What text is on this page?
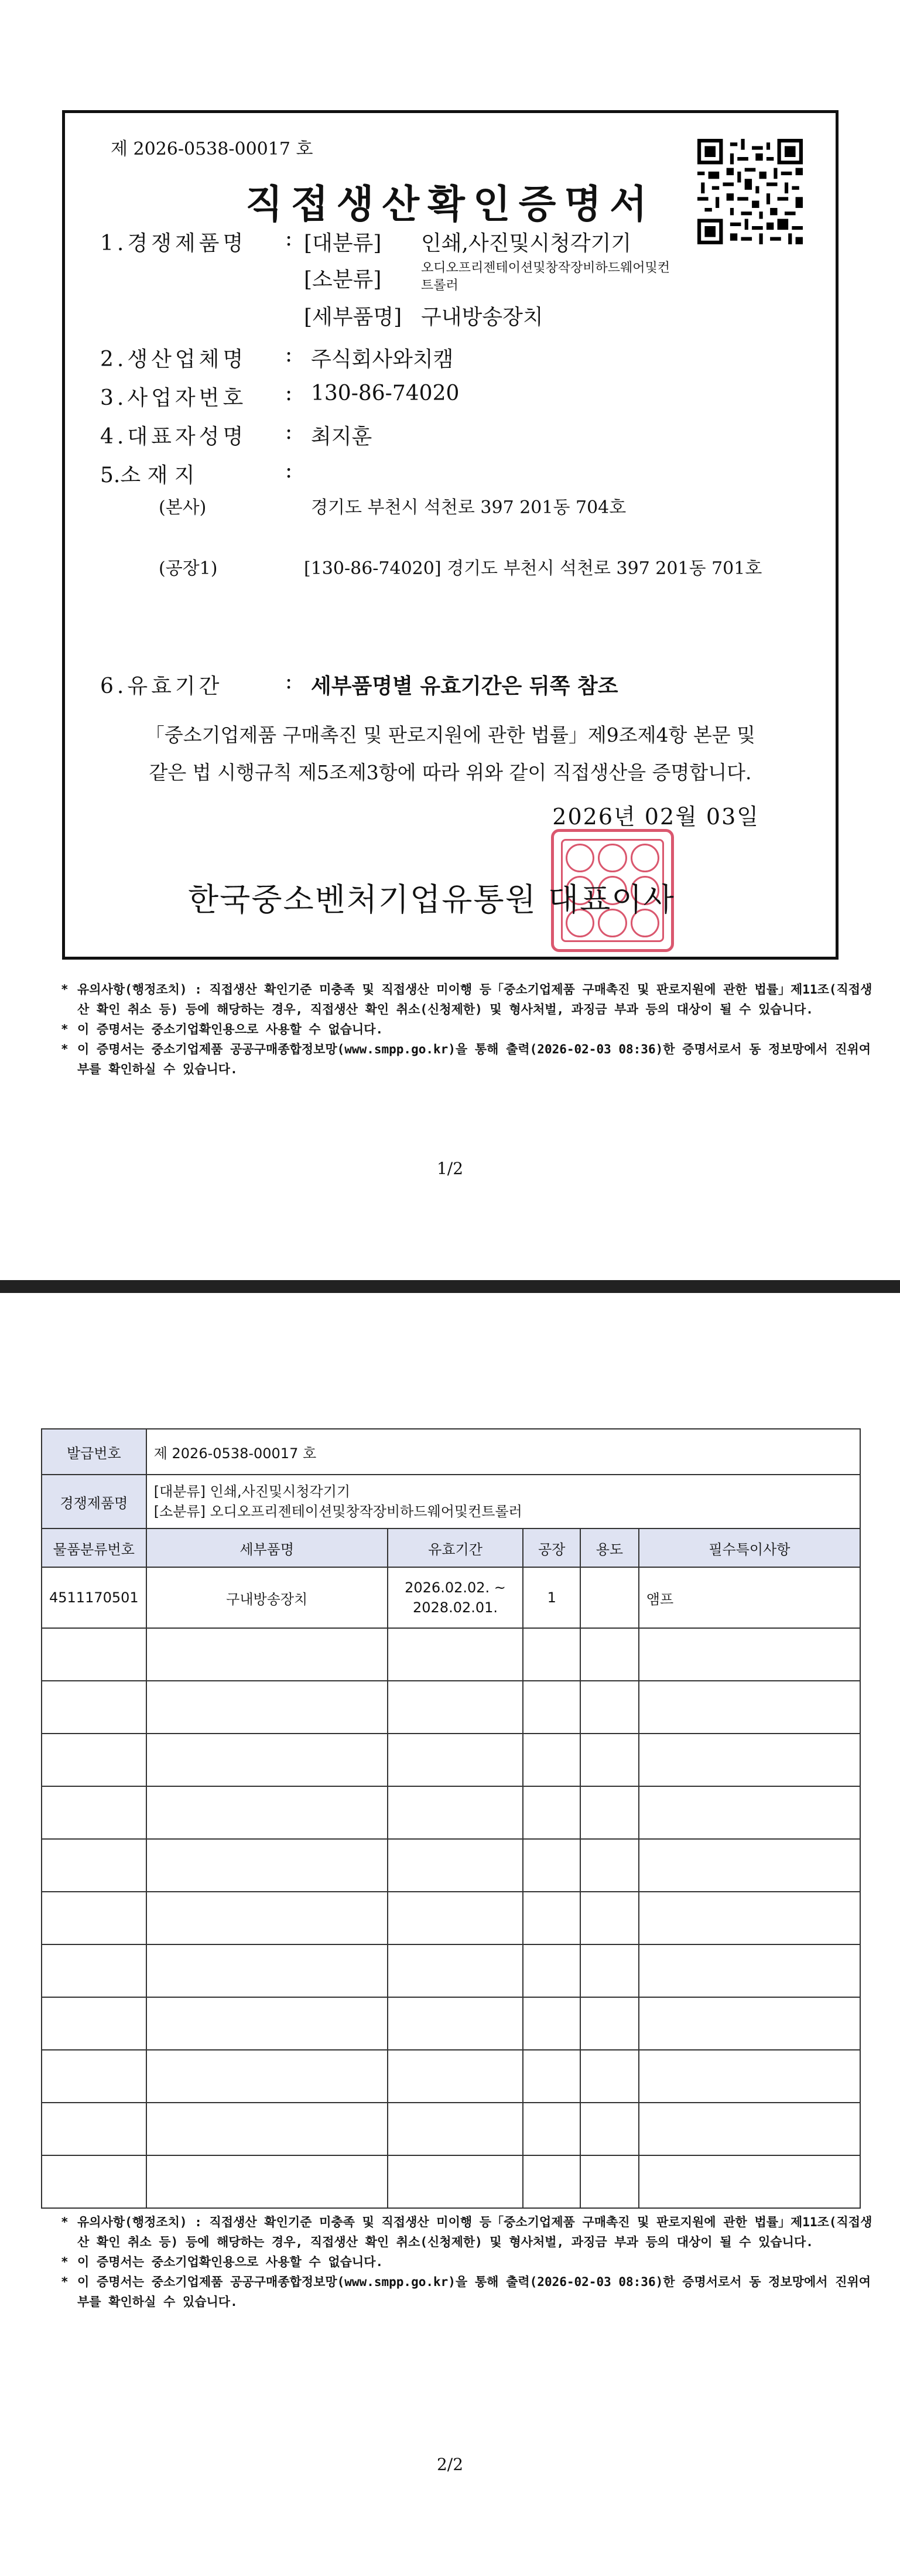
제 2026-0538-00017 호
직접생산확인증명서
1.경쟁제품명 : [대분류] 인쇄,사진및시청각기기
[소분류]	오디오프리젠테이션및창작장비하드웨어및컨트롤러
[세부품명] 구내방송장치
2.생산업체명 : 주식회사와치캠
3.사업자번호 : 130-86-74020
4.대표자성명 : 최지훈
5.소 재 지	:
(본사)	경기도 부천시 석천로 397 201동 704호
(공장1)	[130-86-74020] 경기도 부천시 석천로 397 201동 701호
6.유효기간	: 세부품명별 유효기간은 뒤쪽 참조
「중소기업제품 구매촉진 및 판로지원에 관한 법률」제9조제4항 본문 및
같은 법 시행규칙 제5조제3항에 따라 위와 같이 직접생산을 증명합니다.
2026년 02월 03일
한국중소벤처기업유통원 대표이사
* 유의사항(행정조치) : 직접생산 확인기준 미충족 및 직접생산 미이행 등「중소기업제품 구매촉진 및 판로지원에 관한 법률」제11조(직접생산 확인 취소 등) 등에 해당하는 경우, 직접생산 확인 취소(신청제한) 및 형사처벌, 과징금 부과 등의 대상이 될 수 있습니다.
* 이 증명서는 중소기업확인용으로 사용할 수 없습니다.
* 이 증명서는 중소기업제품 공공구매종합정보망(www.smpp.go.kr)을 통해 출력(2026-02-03 08:36)한 증명서로서 동 정보망에서 진위여부를 확인하실 수 있습니다.
1/2
발급번호	제 2026-0538-00017 호				
경쟁제품명	[대분류] 인쇄,사진및시청각기기
[소분류] 오디오프리젠테이션및창작장비하드웨어및컨트롤러				

물품분류번호	세부품명	유효기간	공장	용도	필수특이사항
4511170501	구내방송장치	2026.02.02. ~
2028.02.01.	1		앰프

* 유의사항(행정조치) : 직접생산 확인기준 미충족 및 직접생산 미이행 등「중소기업제품 구매촉진 및 판로지원에 관한 법률」제11조(직접생산 확인 취소 등) 등에 해당하는 경우, 직접생산 확인 취소(신청제한) 및 형사처벌, 과징금 부과 등의 대상이 될 수 있습니다.
* 이 증명서는 중소기업확인용으로 사용할 수 없습니다.
* 이 증명서는 중소기업제품 공공구매종합정보망(www.smpp.go.kr)을 통해 출력(2026-02-03 08:36)한 증명서로서 동 정보망에서 진위여부를 확인하실 수 있습니다.
2/2
